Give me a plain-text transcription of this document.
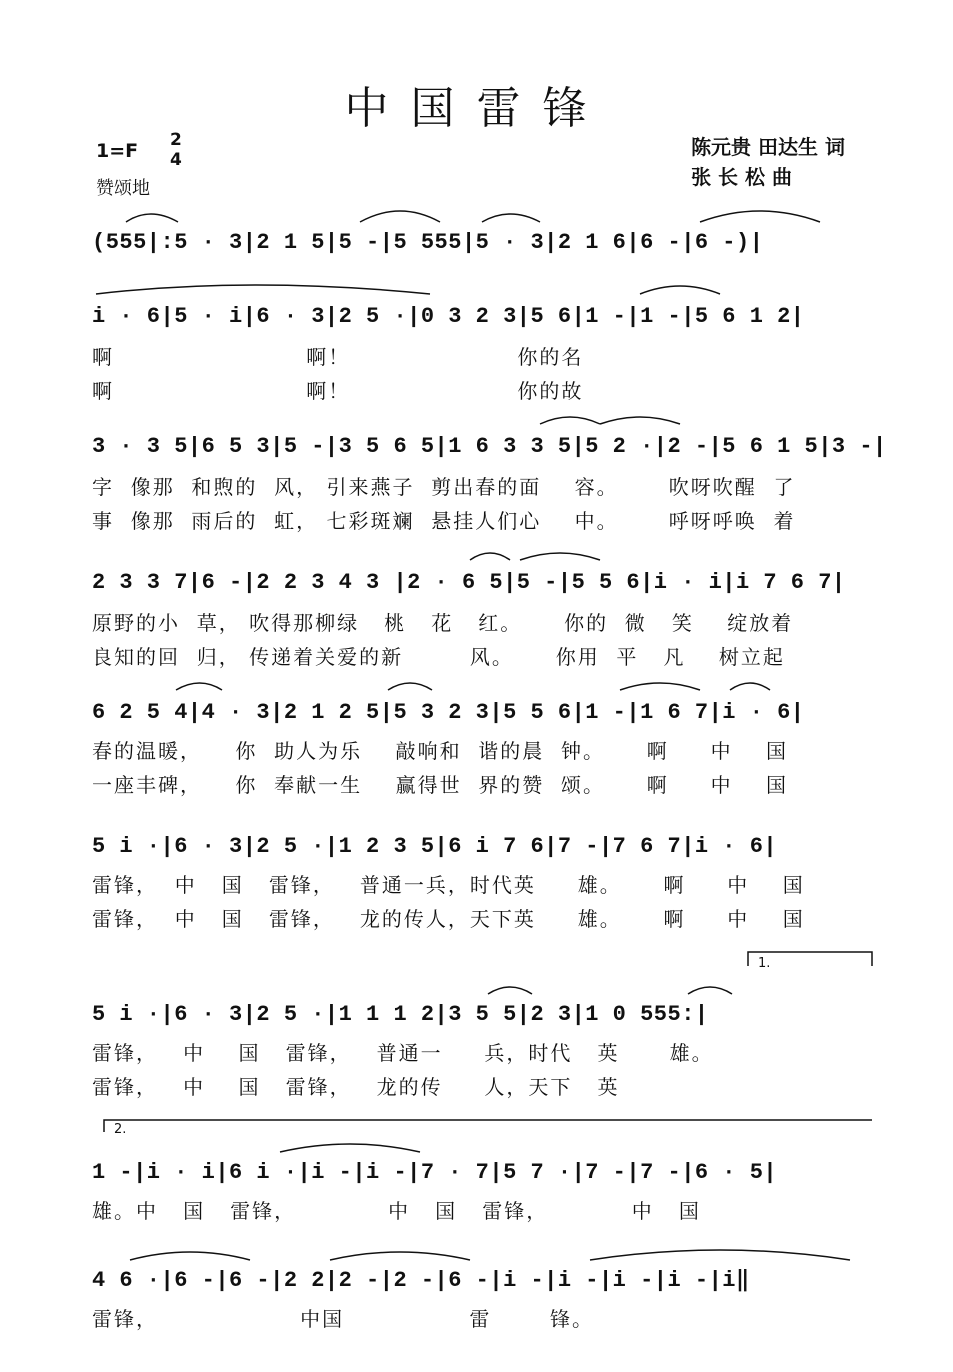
中国雷锋
1=F 2
4
赞颂地
陈元贵 田达生 词
张 长 松 曲
(555|:5 · 3|2 1 5|5 -|5 555|5 · 3|2 1 6|6 -|6 -)|
i · 6|5 · i|6 · 3|2 5 ·|0 3 2 3|5 6|1 -|1 -|5 6 1 2|
啊                       啊！                    你的名
啊                       啊！                    你的故
3 · 3 5|6 5 3|5 -|3 5 6 5|1 6 3 3 5|5 2 ·|2 -|5 6 1 5|3 -|
字  像那  和煦的  风， 引来燕子  剪出春的面    容。      吹呀吹醒  了
事  像那  雨后的  虹， 七彩斑斓  悬挂人们心    中。      呼呀呼唤  着
2 3 3 7|6 -|2 2 3 4 3 |2 · 6 5|5 -|5 5 6|i · i|i 7 6 7|
原野的小  草， 吹得那柳绿   桃   花   红。     你的  微   笑    绽放着
良知的回  归， 传递着关爱的新        风。     你用  平   凡    树立起
6 2 5 4|4 · 3|2 1 2 5|5 3 2 3|5 5 6|1 -|1 6 7|i · 6|
春的温暖，    你  助人为乐    敲响和  谐的晨  钟。     啊     中    国
一座丰碑，    你  奉献一生    赢得世  界的赞  颂。     啊     中    国
5 i ·|6 · 3|2 5 ·|1 2 3 5|6 i 7 6|7 -|7 6 7|i · 6|
雷锋，  中   国   雷锋，   普通一兵，时代英     雄。     啊     中    国
雷锋，  中   国   雷锋，   龙的传人，天下英     雄。     啊     中    国
1.
5 i ·|6 · 3|2 5 ·|1 1 1 2|3 5 5|2 3|1 0 555:|
雷锋，   中    国   雷锋，   普通一     兵，时代   英      雄。
雷锋，   中    国   雷锋，   龙的传     人，天下   英
2.
1 -|i · i|6 i ·|i -|i -|7 · 7|5 7 ·|7 -|7 -|6 · 5|
雄。中   国   雷锋，           中   国   雷锋，          中   国
4 6 ·|6 -|6 -|2 2|2 -|2 -|6 -|i -|i -|i -|i -|i‖
雷锋，                 中国               雷       锋。
